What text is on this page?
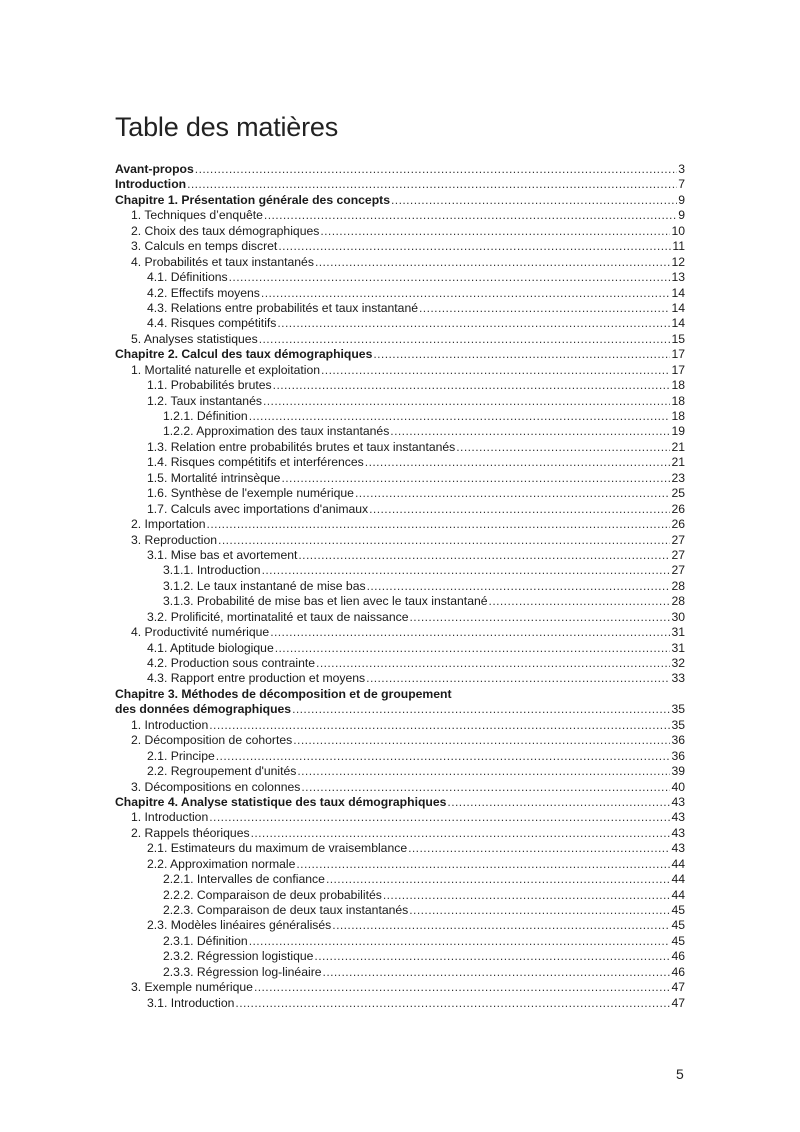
Table des matières
Avant-propos .....	3
Introduction .....	7
Chapitre 1. Présentation générale des concepts .....	9
1. Techniques d’enquête .....	9
2. Choix des taux démographiques .....	10
3. Calculs en temps discret .....	11
4. Probabilités et taux instantanés .....	12
4.1. Définitions .....	13
4.2. Effectifs moyens .....	14
4.3. Relations entre probabilités et taux instantané .....	14
4.4. Risques compétitifs .....	14
5. Analyses statistiques .....	15
Chapitre 2. Calcul des taux démographiques .....	17
1. Mortalité naturelle et exploitation .....	17
1.1. Probabilités brutes .....	18
1.2. Taux instantanés .....	18
1.2.1. Définition .....	18
1.2.2. Approximation des taux instantanés .....	19
1.3. Relation entre probabilités brutes et taux instantanés .....	21
1.4. Risques compétitifs et interférences .....	21
1.5. Mortalité intrinsèque .....	23
1.6. Synthèse de l'exemple numérique .....	25
1.7. Calculs avec importations d'animaux .....	26
2. Importation .....	26
3. Reproduction .....	27
3.1. Mise bas et avortement .....	27
3.1.1. Introduction .....	27
3.1.2. Le taux instantané de mise bas .....	28
3.1.3. Probabilité de mise bas et lien avec le taux instantané .....	28
3.2. Prolificité, mortinatalité et taux de naissance .....	30
4. Productivité numérique .....	31
4.1. Aptitude biologique .....	31
4.2. Production sous contrainte .....	32
4.3. Rapport entre production et moyens .....	33
Chapitre 3. Méthodes de décomposition et de groupement
des données démographiques .....	35
1. Introduction .....	35
2. Décomposition de cohortes .....	36
2.1. Principe .....	36
2.2. Regroupement d'unités .....	39
3. Décompositions en colonnes .....	40
Chapitre 4. Analyse statistique des taux démographiques .....	43
1. Introduction .....	43
2. Rappels théoriques .....	43
2.1. Estimateurs du maximum de vraisemblance .....	43
2.2. Approximation normale .....	44
2.2.1. Intervalles de confiance .....	44
2.2.2. Comparaison de deux probabilités .....	44
2.2.3. Comparaison de deux taux instantanés .....	45
2.3. Modèles linéaires généralisés .....	45
2.3.1. Définition .....	45
2.3.2. Régression logistique .....	46
2.3.3. Régression log-linéaire .....	46
3. Exemple numérique .....	47
3.1. Introduction .....	47
5
